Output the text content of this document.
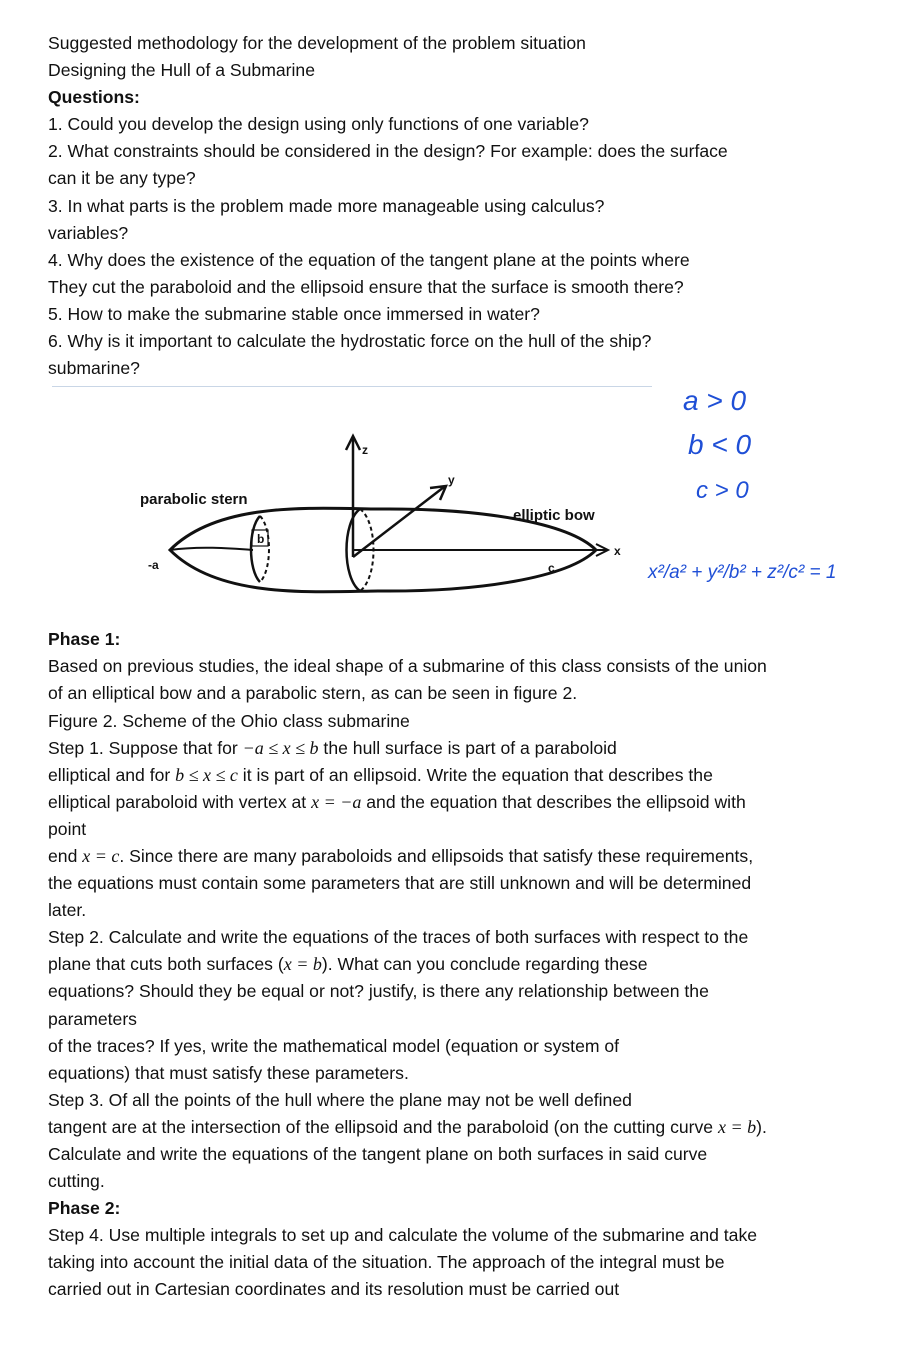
Suggested methodology for the development of the problem situation
Designing the Hull of a Submarine
Questions:
1. Could you develop the design using only functions of one variable?
2. What constraints should be considered in the design? For example: does the surface
can it be any type?
3. In what parts is the problem made more manageable using calculus?
variables?
4. Why does the existence of the equation of the tangent plane at the points where
They cut the paraboloid and the ellipsoid ensure that the surface is smooth there?
5. How to make the submarine stable once immersed in water?
6. Why is it important to calculate the hydrostatic force on the hull of the ship?
submarine?
z
y
x
parabolic stern
elliptic bow
-a
b
c
a > 0
b < 0
c > 0
x²/a² + y²/b² + z²/c² = 1
Phase 1:
Based on previous studies, the ideal shape of a submarine of this class consists of the union
of an elliptical bow and a parabolic stern, as can be seen in figure 2.
Figure 2. Scheme of the Ohio class submarine
Step 1. Suppose that for −a ≤ x ≤ b the hull surface is part of a paraboloid
elliptical and for b ≤ x ≤ c it is part of an ellipsoid. Write the equation that describes the
elliptical paraboloid with vertex at x = −a and the equation that describes the ellipsoid with
point
end x = c. Since there are many paraboloids and ellipsoids that satisfy these requirements,
the equations must contain some parameters that are still unknown and will be determined
later.
Step 2. Calculate and write the equations of the traces of both surfaces with respect to the
plane that cuts both surfaces (x = b). What can you conclude regarding these
equations? Should they be equal or not? justify, is there any relationship between the
parameters
of the traces? If yes, write the mathematical model (equation or system of
equations) that must satisfy these parameters.
Step 3. Of all the points of the hull where the plane may not be well defined
tangent are at the intersection of the ellipsoid and the paraboloid (on the cutting curve x = b).
Calculate and write the equations of the tangent plane on both surfaces in said curve
cutting.
Phase 2:
Step 4. Use multiple integrals to set up and calculate the volume of the submarine and take
taking into account the initial data of the situation. The approach of the integral must be
carried out in Cartesian coordinates and its resolution must be carried out
